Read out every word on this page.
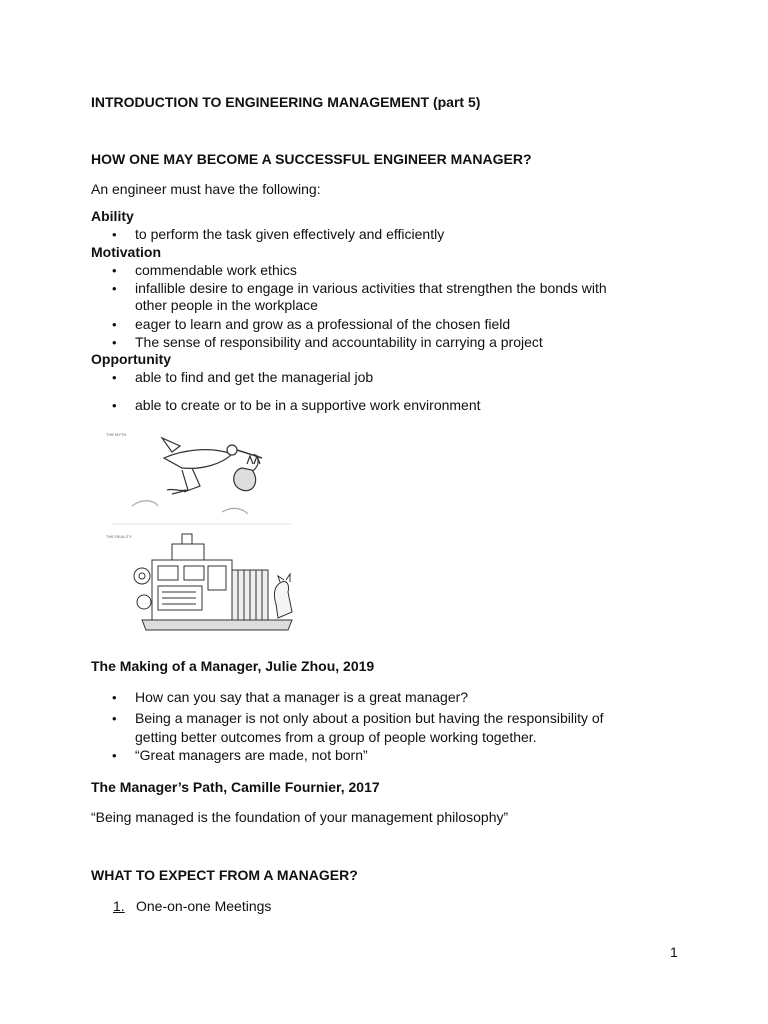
INTRODUCTION TO ENGINEERING MANAGEMENT (part 5)
HOW ONE MAY BECOME A SUCCESSFUL ENGINEER MANAGER?
An engineer must have the following:
Ability
• to perform the task given effectively and efficiently
Motivation
• commendable work ethics
• infallible desire to engage in various activities that strengthen the bonds with
other people in the workplace
• eager to learn and grow as a professional of the chosen field
• The sense of responsibility and accountability in carrying a project
Opportunity
• able to find and get the managerial job
• able to create or to be in a supportive work environment
THE MYTH
THE REALITY
The Making of a Manager, Julie Zhou, 2019
• How can you say that a manager is a great manager?
• Being a manager is not only about a position but having the responsibility of
getting better outcomes from a group of people working together.
• “Great managers are made, not born”
The Manager’s Path, Camille Fournier, 2017
“Being managed is the foundation of your management philosophy”
WHAT TO EXPECT FROM A MANAGER?
1. One-on-one Meetings
1
